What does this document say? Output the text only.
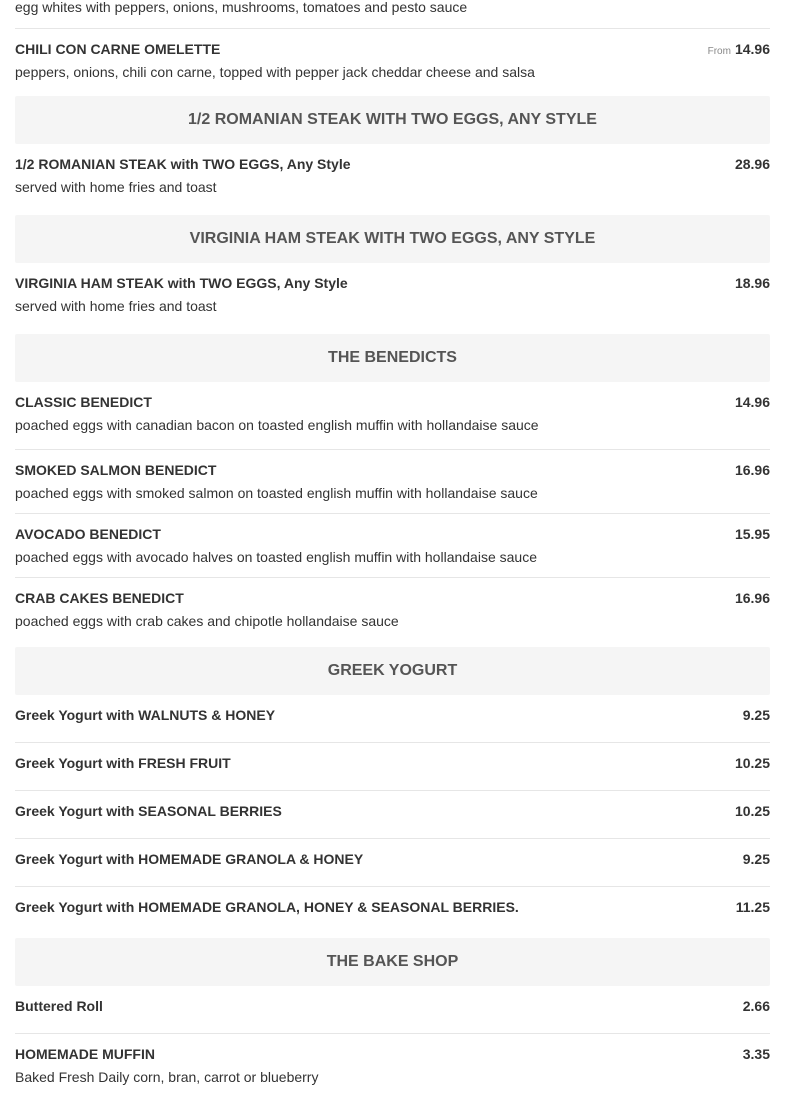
egg whites with peppers, onions, mushrooms, tomatoes and pesto sauce
CHILI CON CARNE OMELETTE	From 14.96
peppers, onions, chili con carne, topped with pepper jack cheddar cheese and salsa
1/2 ROMANIAN STEAK WITH TWO EGGS, ANY STYLE
1/2 ROMANIAN STEAK with TWO EGGS, Any Style	28.96
served with home fries and toast
VIRGINIA HAM STEAK WITH TWO EGGS, ANY STYLE
VIRGINIA HAM STEAK with TWO EGGS, Any Style	18.96
served with home fries and toast
THE BENEDICTS
CLASSIC BENEDICT	14.96
poached eggs with canadian bacon on toasted english muffin with hollandaise sauce
SMOKED SALMON BENEDICT	16.96
poached eggs with smoked salmon on toasted english muffin with hollandaise sauce
AVOCADO BENEDICT	15.95
poached eggs with avocado halves on toasted english muffin with hollandaise sauce
CRAB CAKES BENEDICT	16.96
poached eggs with crab cakes and chipotle hollandaise sauce
GREEK YOGURT
Greek Yogurt with WALNUTS & HONEY	9.25
Greek Yogurt with FRESH FRUIT	10.25
Greek Yogurt with SEASONAL BERRIES	10.25
Greek Yogurt with HOMEMADE GRANOLA & HONEY	9.25
Greek Yogurt with HOMEMADE GRANOLA, HONEY & SEASONAL BERRIES.	11.25
THE BAKE SHOP
Buttered Roll	2.66
HOMEMADE MUFFIN	3.35
Baked Fresh Daily corn, bran, carrot or blueberry
